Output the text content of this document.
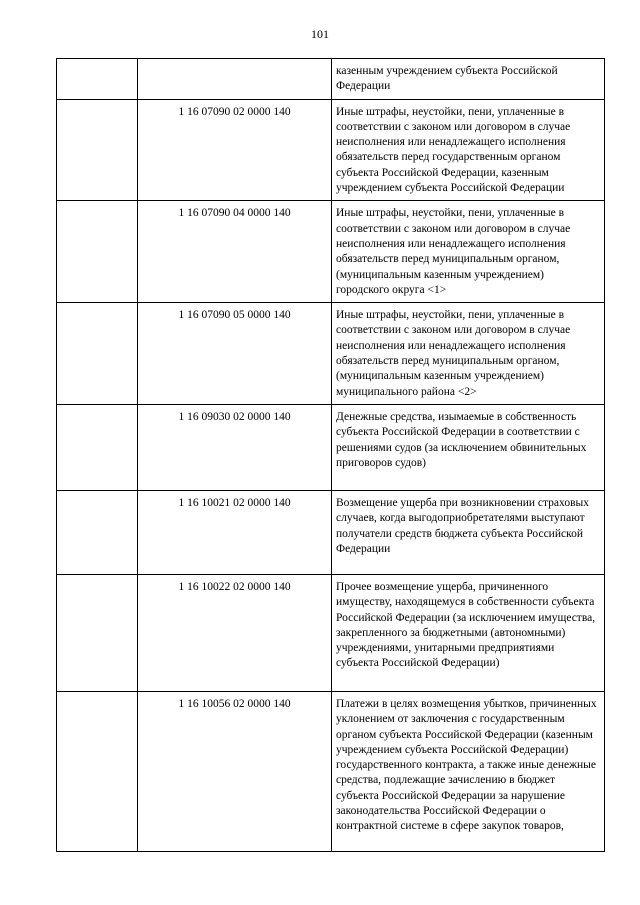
101
		казенным учреждением субъекта Российской Федерации
	1 16 07090 02 0000 140	Иные штрафы, неустойки, пени, уплаченные в соответствии с законом или договором в случае неисполнения или ненадлежащего исполнения обязательств перед государственным органом субъекта Российской Федерации, казенным учреждением субъекта Российской Федерации
	1 16 07090 04 0000 140	Иные штрафы, неустойки, пени, уплаченные в соответствии с законом или договором в случае неисполнения или ненадлежащего исполнения обязательств перед муниципальным органом, (муниципальным казенным учреждением) городского округа <1>
	1 16 07090 05 0000 140	Иные штрафы, неустойки, пени, уплаченные в соответствии с законом или договором в случае неисполнения или ненадлежащего исполнения обязательств перед муниципальным органом, (муниципальным казенным учреждением) муниципального района <2>
	1 16 09030 02 0000 140	Денежные средства, изымаемые в собственность субъекта Российской Федерации в соответствии с решениями судов (за исключением обвинительных приговоров судов)
	1 16 10021 02 0000 140	Возмещение ущерба при возникновении страховых случаев, когда выгодоприобретателями выступают получатели средств бюджета субъекта Российской Федерации
	1 16 10022 02 0000 140	Прочее возмещение ущерба, причиненного имуществу, находящемуся в собственности субъекта Российской Федерации (за исключением имущества, закрепленного за бюджетными (автономными) учреждениями, унитарными предприятиями субъекта Российской Федерации)
	1 16 10056 02 0000 140	Платежи в целях возмещения убытков, причиненных уклонением от заключения с государственным органом субъекта Российской Федерации (казенным учреждением субъекта Российской Федерации) государственного контракта, а также иные денежные средства, подлежащие зачислению в бюджет субъекта Российской Федерации за нарушение законодательства Российской Федерации о контрактной системе в сфере закупок товаров,
